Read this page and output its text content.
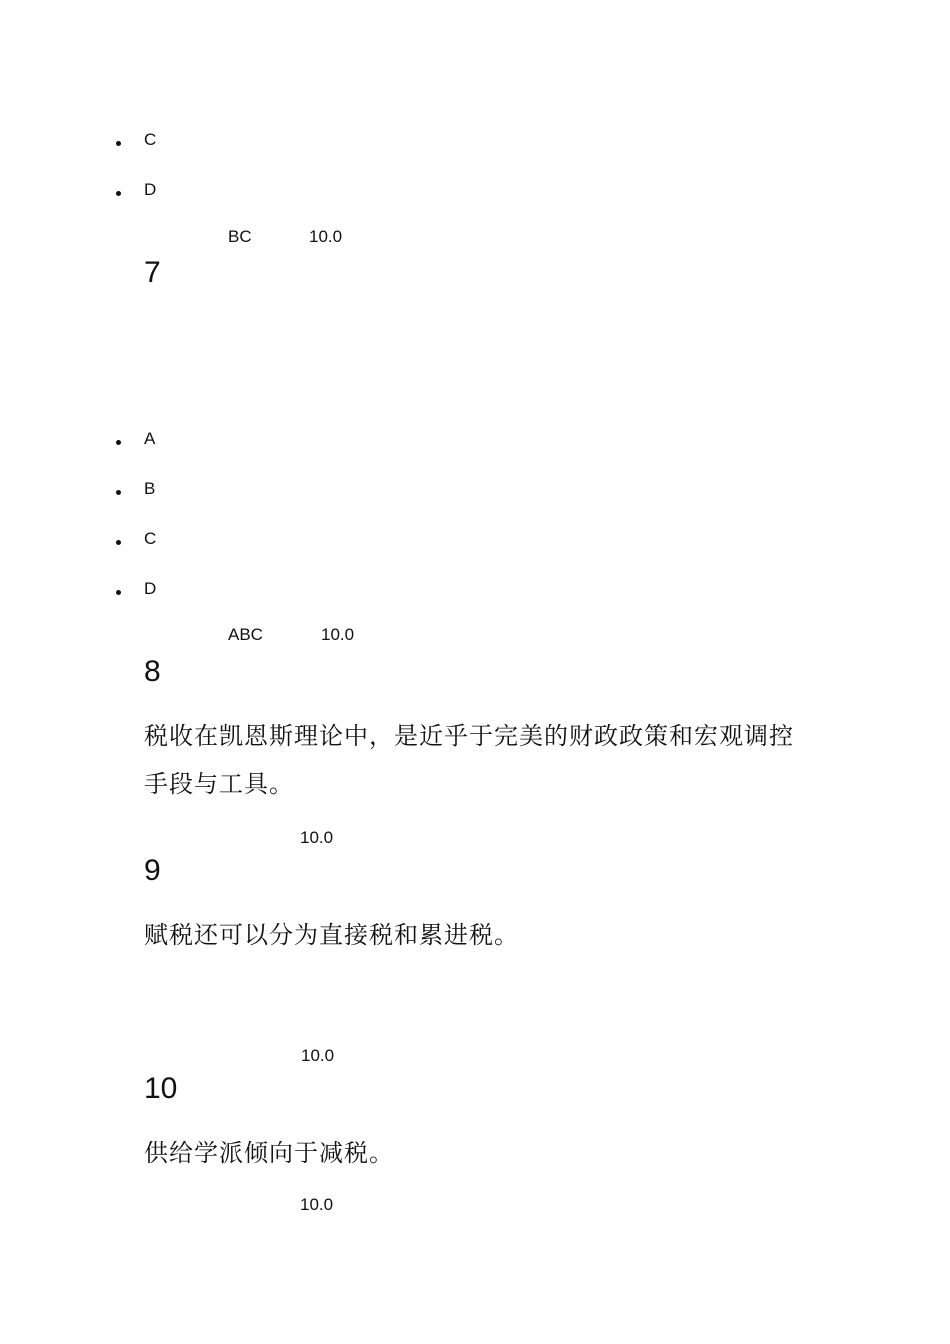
C
D
BC	10.0
7
A
B
C
D
ABC	10.0
8
税收在凯恩斯理论中，是近乎于完美的财政政策和宏观调控
手段与工具。
10.0
9
赋税还可以分为直接税和累进税。
10.0
10
供给学派倾向于减税。
10.0
